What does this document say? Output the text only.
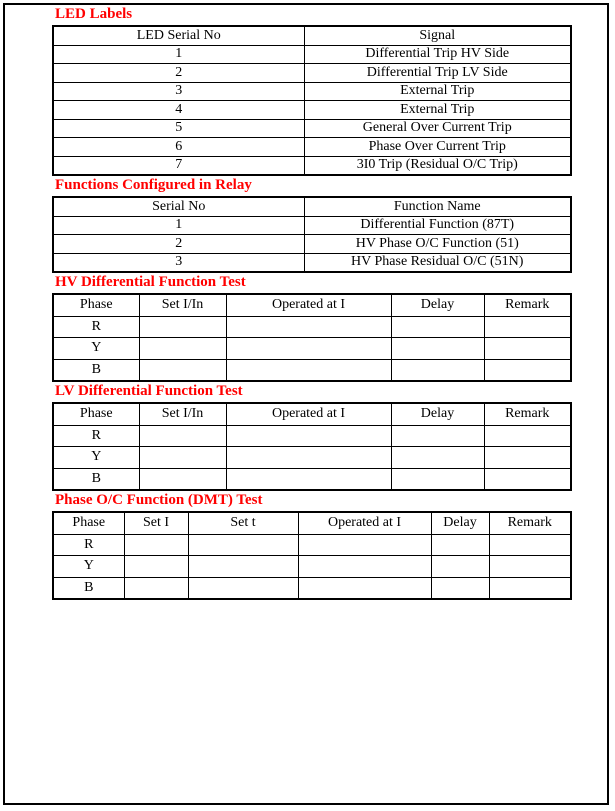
LED Labels
LED Serial No	Signal
1	Differential Trip HV Side
2	Differential Trip LV Side
3	External Trip
4	External Trip
5	General Over Current Trip
6	Phase Over Current Trip
7	3I0 Trip (Residual O/C Trip)
Functions Configured in Relay
Serial No	Function Name
1	Differential Function (87T)
2	HV Phase O/C Function (51)
3	HV Phase Residual O/C (51N)
HV Differential Function Test
Phase	Set I/In	Operated at I	Delay	Remark
R				
Y				
B				
LV Differential Function Test
Phase	Set I/In	Operated at I	Delay	Remark
R				
Y				
B				
Phase O/C Function (DMT) Test
Phase	Set I	Set t	Operated at I	Delay	Remark
R					
Y					
B					
